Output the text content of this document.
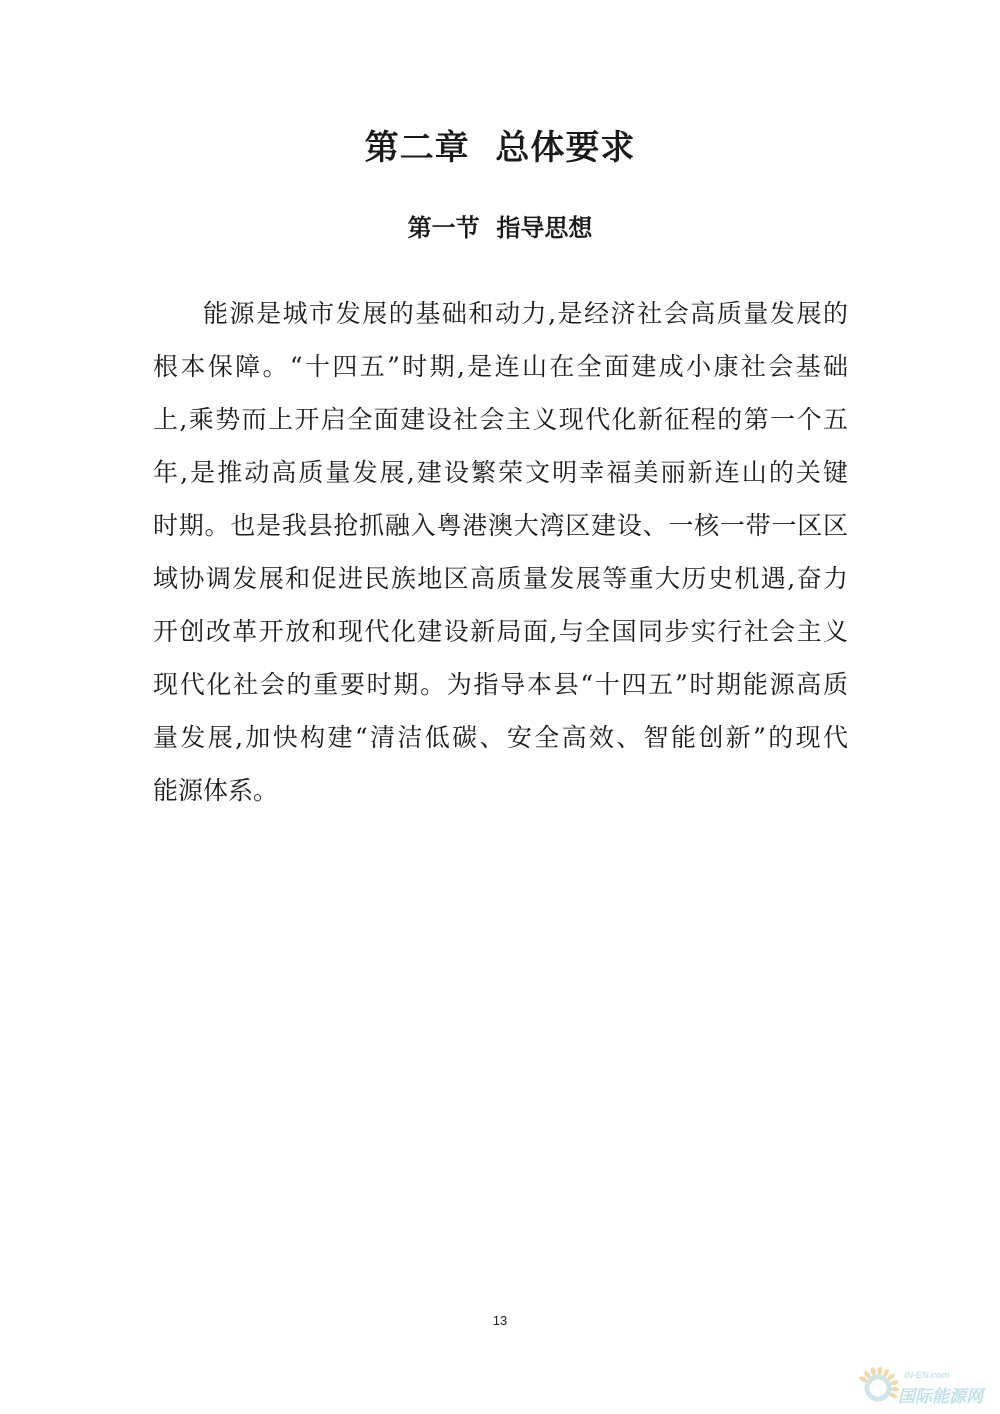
第二章 总体要求
第一节 指导思想
能源是城市发展的基础和动力,是经济社会高质量发展的
根本保障。“十四五”时期,是连山在全面建成小康社会基础
上,乘势而上开启全面建设社会主义现代化新征程的第一个五
年,是推动高质量发展,建设繁荣文明幸福美丽新连山的关键
时期。也是我县抢抓融入粤港澳大湾区建设、一核一带一区区
域协调发展和促进民族地区高质量发展等重大历史机遇,奋力
开创改革开放和现代化建设新局面,与全国同步实行社会主义
现代化社会的重要时期。为指导本县“十四五”时期能源高质
量发展,加快构建“清洁低碳、安全高效、智能创新”的现代
能源体系。
13
IN-EN.com
国际能源网
